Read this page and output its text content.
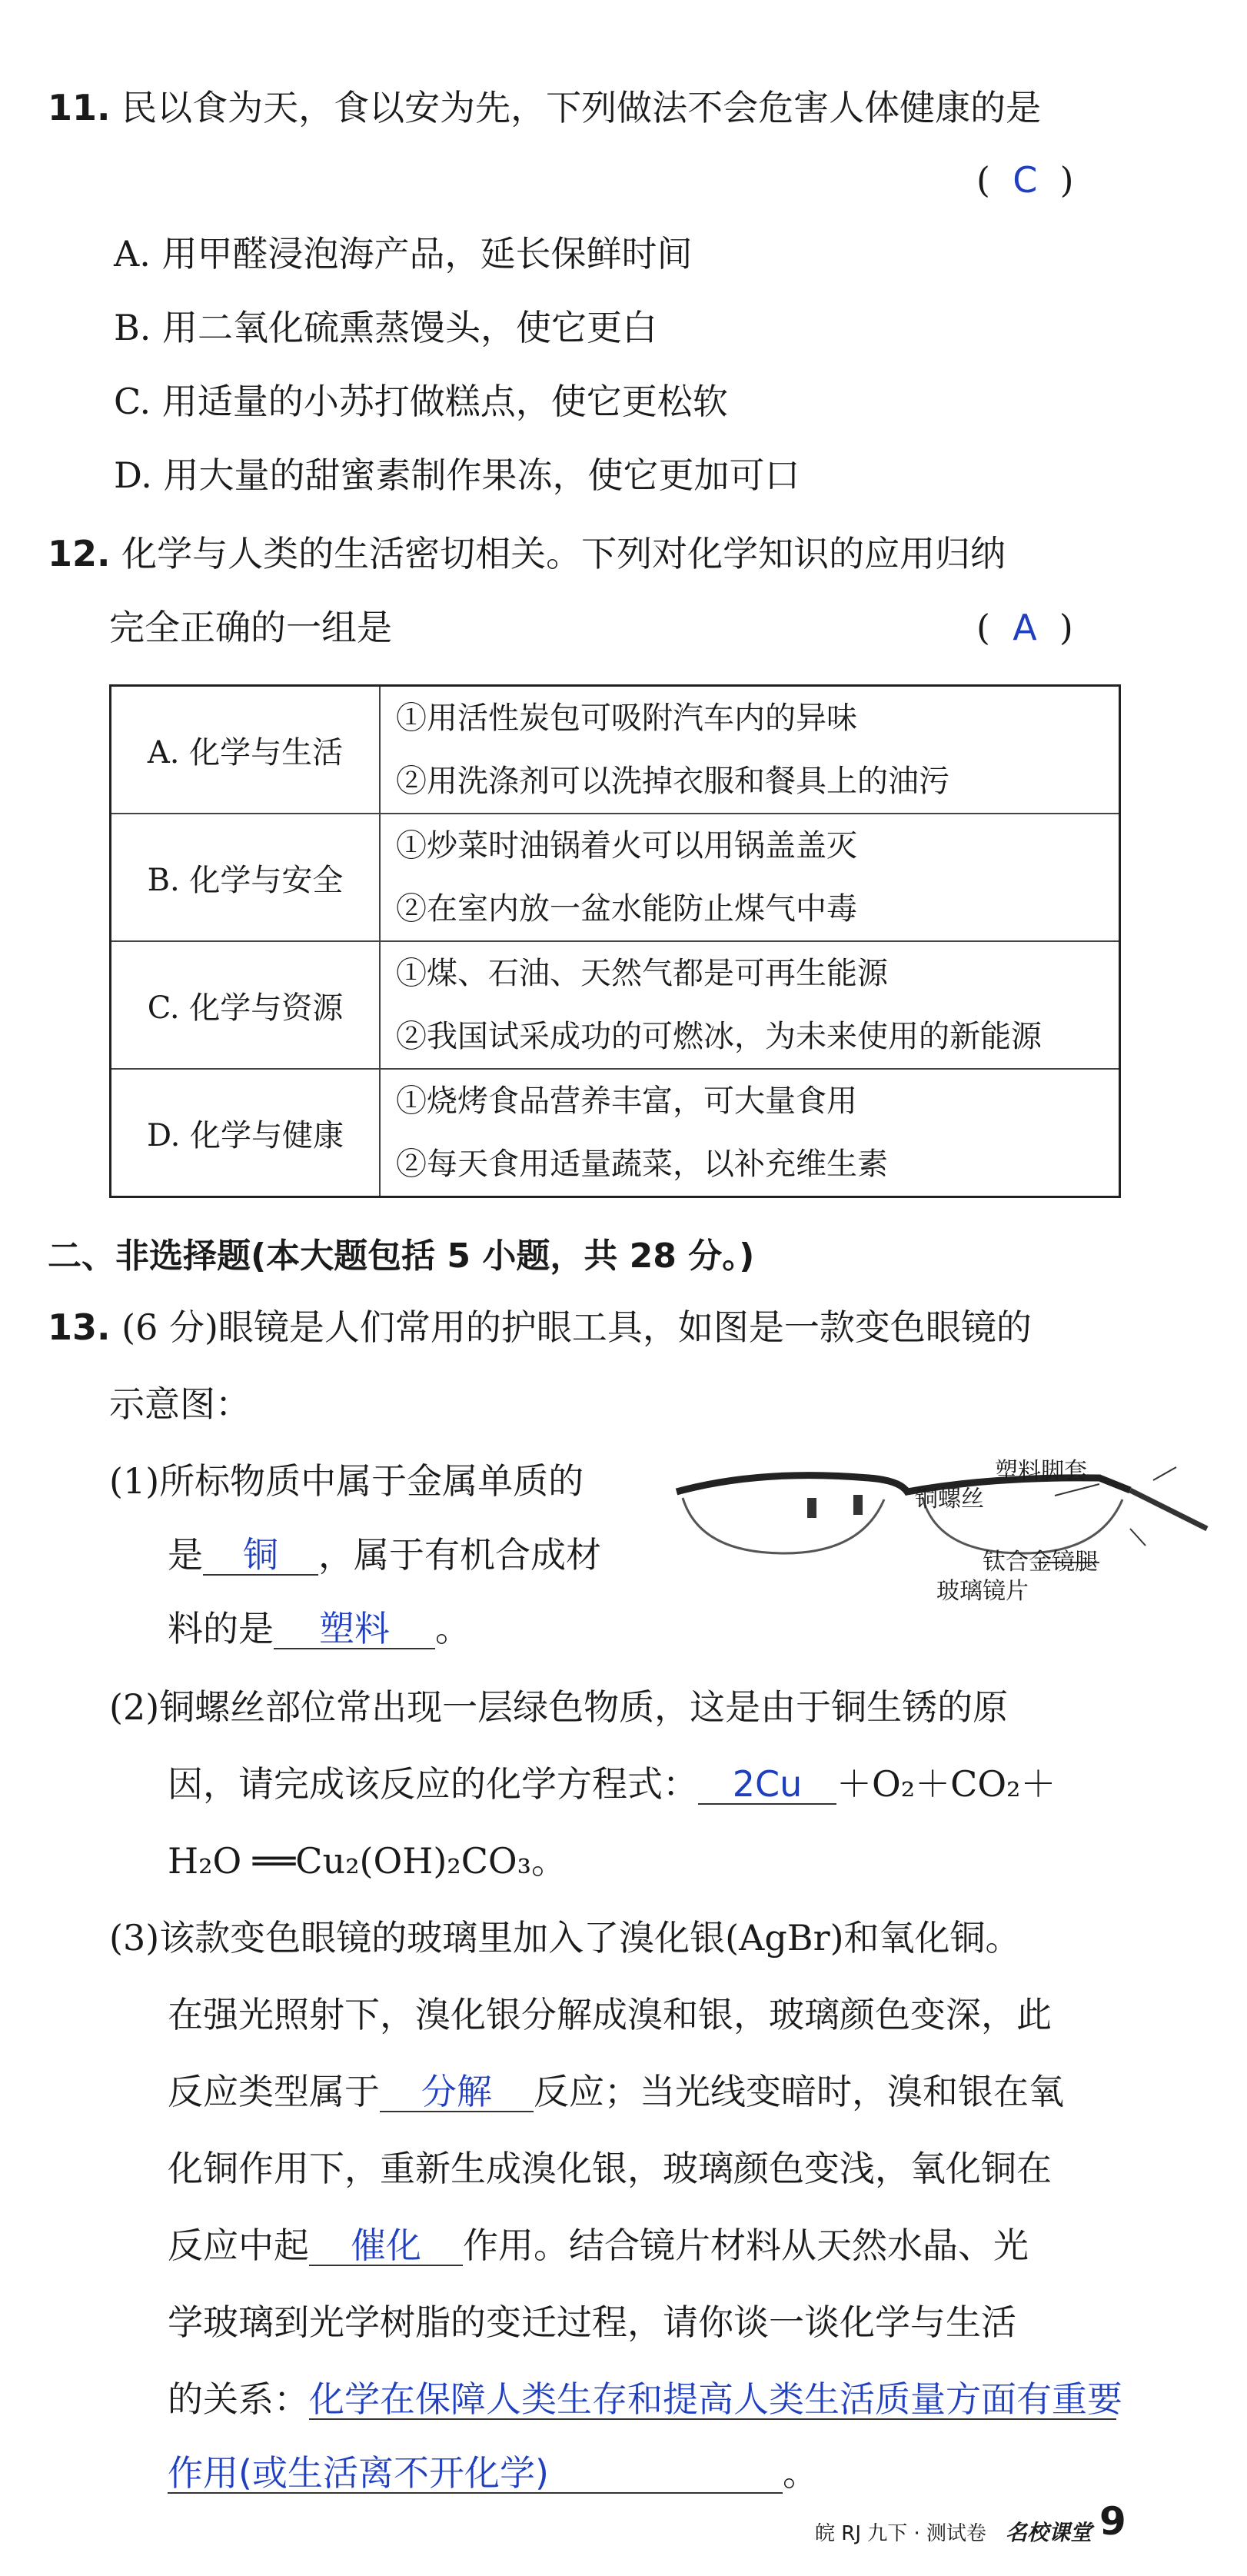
11. 民以食为天，食以安为先，下列做法不会危害人体健康的是
(  C  )
A. 用甲醛浸泡海产品，延长保鲜时间
B. 用二氧化硫熏蒸馒头，使它更白
C. 用适量的小苏打做糕点，使它更松软
D. 用大量的甜蜜素制作果冻，使它更加可口
12. 化学与人类的生活密切相关。下列对化学知识的应用归纳
完全正确的一组是	(  A  )
A. 化学与生活	①用活性炭包可吸附汽车内的异味
②用洗涤剂可以洗掉衣服和餐具上的油污

B. 化学与安全	①炒菜时油锅着火可以用锅盖盖灭
②在室内放一盆水能防止煤气中毒

C. 化学与资源	①煤、石油、天然气都是可再生能源
②我国试采成功的可燃冰，为未来使用的新能源

D. 化学与健康	①烧烤食品营养丰富，可大量食用
②每天食用适量蔬菜，以补充维生素
二、非选择题(本大题包括 5 小题，共 28 分。)
13. (6 分)眼镜是人们常用的护眼工具，如图是一款变色眼镜的
示意图：
(1)所标物质中属于金属单质的
是 铜 ，属于有机合成材
料的是 塑料 。
塑料脚套
铜螺丝
钛合金镜腿
玻璃镜片
(2)铜螺丝部位常出现一层绿色物质，这是由于铜生锈的原
因，请完成该反应的化学方程式： 2Cu ＋O₂＋CO₂＋
H₂O ══Cu₂(OH)₂CO₃。
(3)该款变色眼镜的玻璃里加入了溴化银(AgBr)和氧化铜。
在强光照射下，溴化银分解成溴和银，玻璃颜色变深，此
反应类型属于 分解 反应；当光线变暗时，溴和银在氧
化铜作用下，重新生成溴化银，玻璃颜色变浅，氧化铜在
反应中起 催化 作用。结合镜片材料从天然水晶、光
学玻璃到光学树脂的变迁过程，请你谈一谈化学与生活
的关系：化学在保障人类生存和提高人类生活质量方面有重要
作用(或生活离不开化学)	。
皖 RJ 九下 · 测试卷 名校课堂 9
